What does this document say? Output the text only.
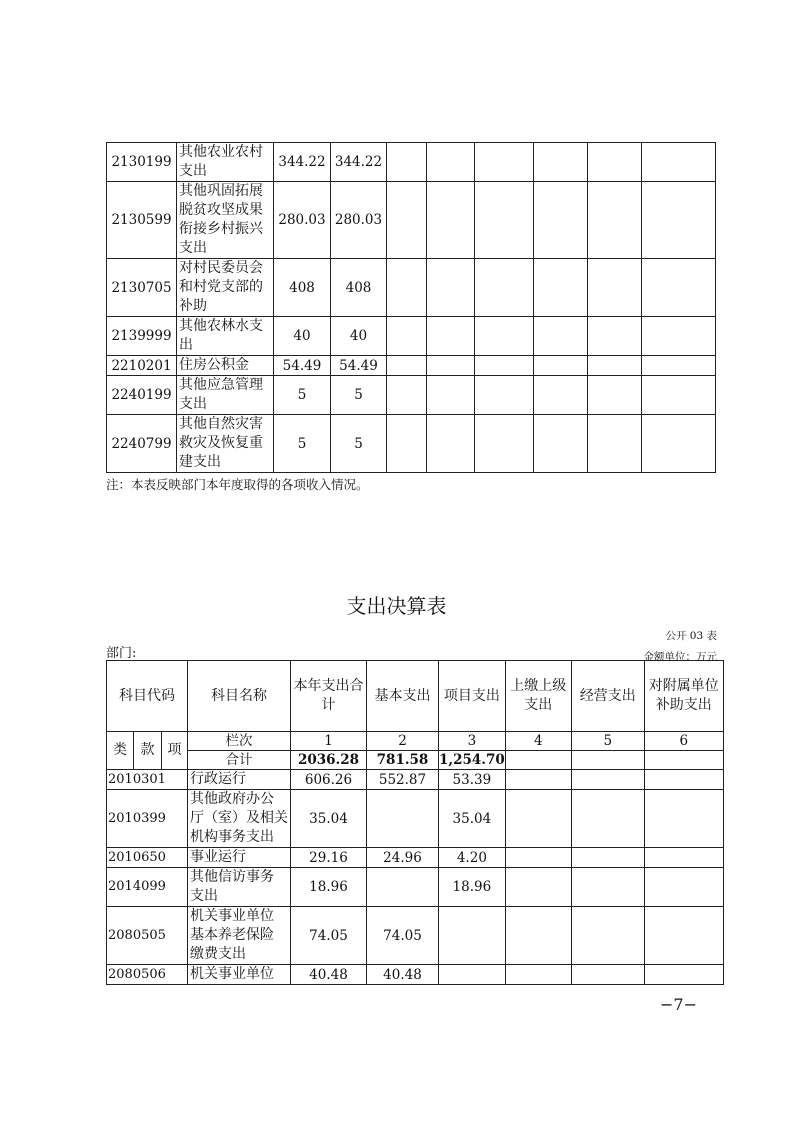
2130199	其他农业农村
支出	344.22	344.22						
2130599	其他巩固拓展
脱贫攻坚成果
衔接乡村振兴
支出	280.03	280.03						
2130705	对村民委员会
和村党支部的
补助	408	408						
2139999	其他农林水支
出	40	40						
2210201	住房公积金	54.49	54.49						
2240199	其他应急管理
支出	5	5						
2240799	其他自然灾害
救灾及恢复重
建支出	5	5						
注：本表反映部门本年度取得的各项收入情况。
支出决算表
公开 03 表
部门:	金额单位：万元
科目代码			科目名称	本年支出合
计	基本支出	项目支出	上缴上级
支出	经营支出	对附属单位
补助支出
类	款	项	栏次	1	2	3	4	5	6
			合计	2036.28	781.58	1,254.70			
2010301			行政运行	606.26	552.87	53.39			
2010399			其他政府办公
厅（室）及相关
机构事务支出	35.04		35.04			
2010650			事业运行	29.16	24.96	4.20			
2014099			其他信访事务
支出	18.96		18.96			
2080505			机关事业单位
基本养老保险
缴费支出	74.05	74.05				
2080506			机关事业单位	40.48	40.48				
−7−
